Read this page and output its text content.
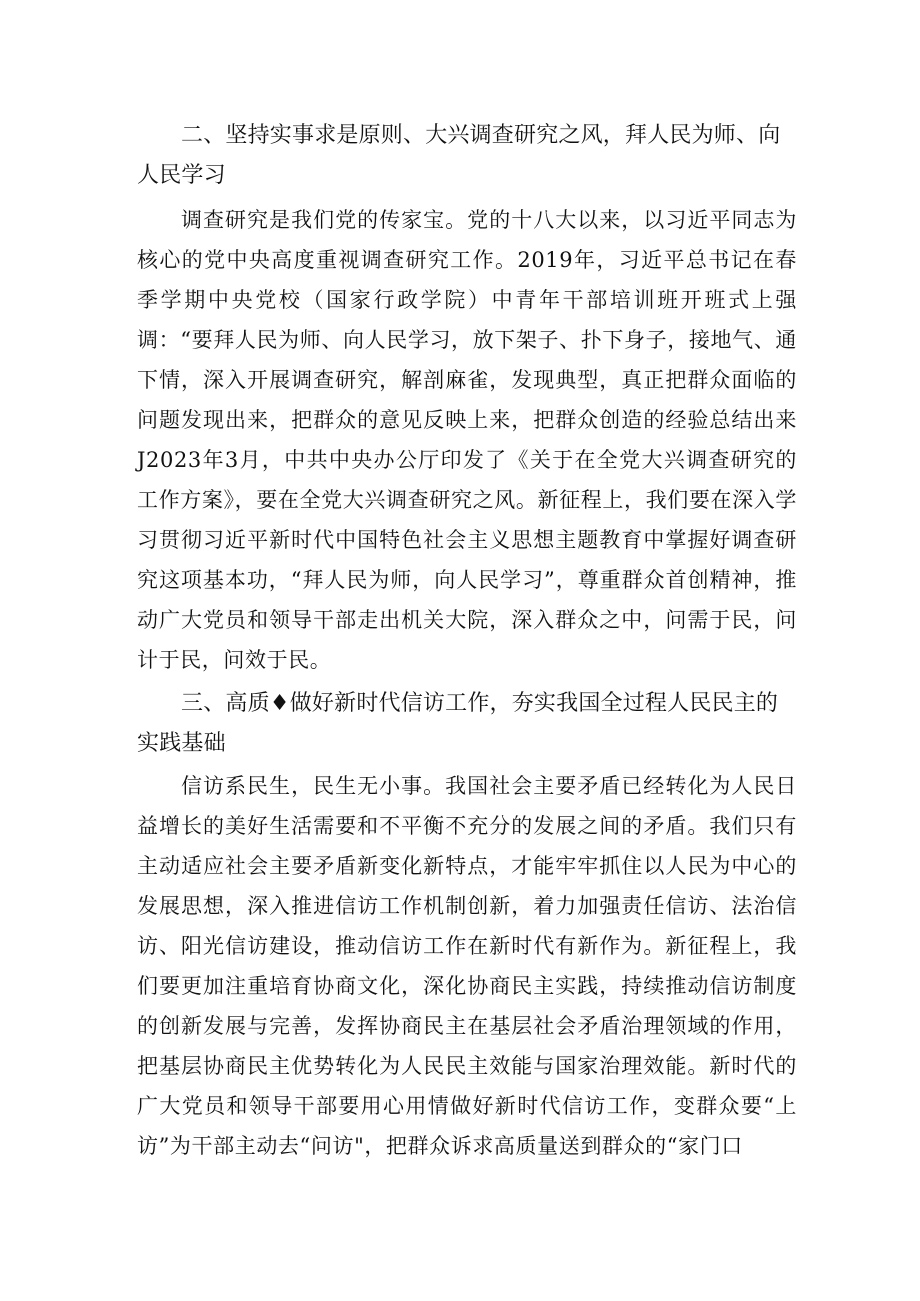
二、坚持实事求是原则、大兴调查研究之风，拜人民为师、向人民学习

调查研究是我们党的传家宝。党的十八大以来，以习近平同志为核心的党中央高度重视调查研究工作。2019年，习近平总书记在春季学期中央党校（国家行政学院）中青年干部培训班开班式上强调：“要拜人民为师、向人民学习，放下架子、扑下身子，接地气、通下情，深入开展调查研究，解剖麻雀，发现典型，真正把群众面临的问题发现出来，把群众的意见反映上来，把群众创造的经验总结出来J2023年3月，中共中央办公厅印发了《关于在全党大兴调查研究的工作方案》，要在全党大兴调查研究之风。新征程上，我们要在深入学习贯彻习近平新时代中国特色社会主义思想主题教育中掌握好调查研究这项基本功，“拜人民为师，向人民学习”，尊重群众首创精神，推动广大党员和领导干部走出机关大院，深入群众之中，问需于民，问计于民，问效于民。

三、高质♦做好新时代信访工作，夯实我国全过程人民民主的实践基础

信访系民生，民生无小事。我国社会主要矛盾已经转化为人民日益增长的美好生活需要和不平衡不充分的发展之间的矛盾。我们只有主动适应社会主要矛盾新变化新特点，才能牢牢抓住以人民为中心的发展思想，深入推进信访工作机制创新，着力加强责任信访、法治信访、阳光信访建设，推动信访工作在新时代有新作为。新征程上，我们要更加注重培育协商文化，深化协商民主实践，持续推动信访制度的创新发展与完善，发挥协商民主在基层社会矛盾治理领域的作用，把基层协商民主优势转化为人民民主效能与国家治理效能。新时代的广大党员和领导干部要用心用情做好新时代信访工作，变群众要“上访”为干部主动去“问访"，把群众诉求高质量送到群众的“家门口
